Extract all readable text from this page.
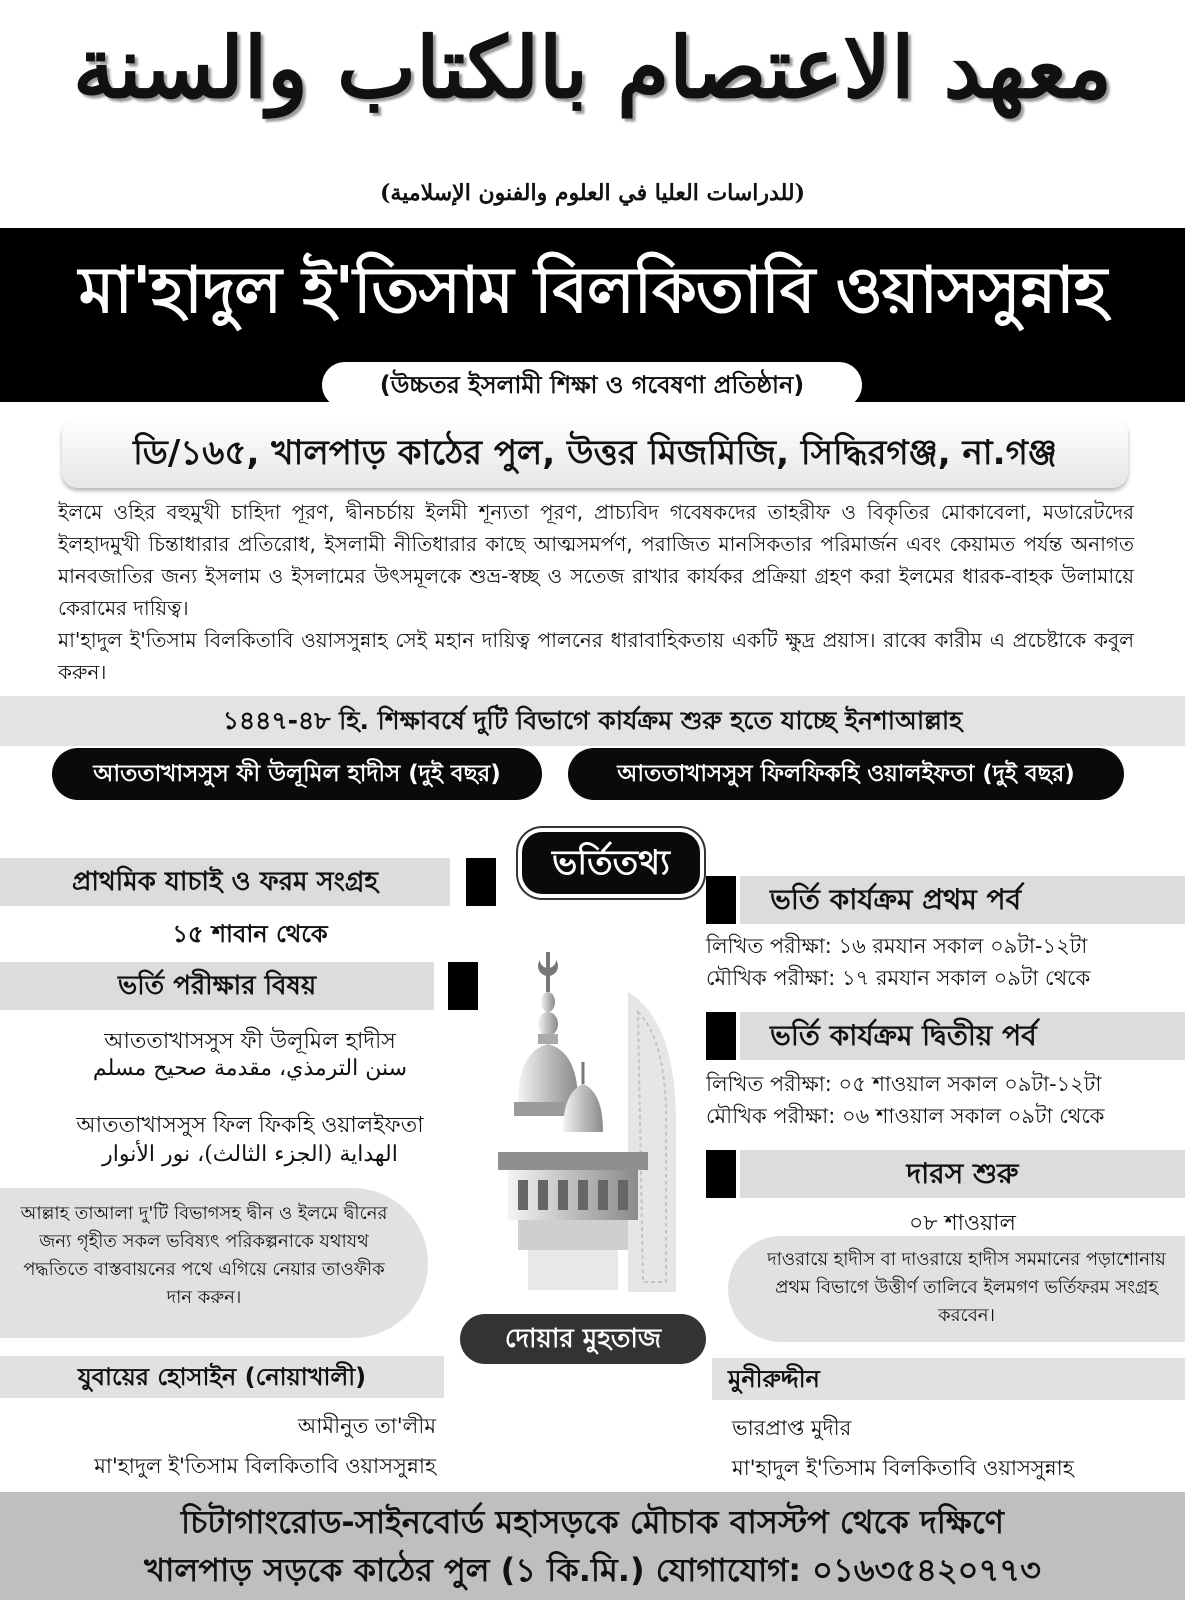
معهد الاعتصام بالكتاب والسنة
(للدراسات العليا في العلوم والفنون الإسلامية)
মা'হাদুল ই'তিসাম বিলকিতাবি ওয়াসসুন্নাহ
(উচ্চতর ইসলামী শিক্ষা ও গবেষণা প্রতিষ্ঠান)
ডি/১৬৫, খালপাড় কাঠের পুল, উত্তর মিজমিজি, সিদ্ধিরগঞ্জ, না.গঞ্জ

ইলমে ওহির বহুমুখী চাহিদা পূরণ, দ্বীনচর্চায় ইলমী শূন্যতা পূরণ, প্রাচ্যবিদ গবেষকদের তাহরীফ ও বিকৃতির মোকাবেলা, মডারেটদের ইলহাদমুখী চিন্তাধারার প্রতিরোধ, ইসলামী নীতিধারার কাছে আত্মসমর্পণ, পরাজিত মানসিকতার পরিমার্জন এবং কেয়ামত পর্যন্ত অনাগত মানবজাতির জন্য ইসলাম ও ইসলামের উৎসমূলকে শুভ্র-স্বচ্ছ ও সতেজ রাখার কার্যকর প্রক্রিয়া গ্রহণ করা ইলমের ধারক-বাহক উলামায়ে কেরামের দায়িত্ব।

মা'হাদুল ই'তিসাম বিলকিতাবি ওয়াসসুন্নাহ সেই মহান দায়িত্ব পালনের ধারাবাহিকতায় একটি ক্ষুদ্র প্রয়াস। রাব্বে কারীম এ প্রচেষ্টাকে কবুল করুন।

১৪৪৭-৪৮ হি. শিক্ষাবর্ষে দুটি বিভাগে কার্যক্রম শুরু হতে যাচ্ছে ইনশাআল্লাহ
আততাখাসসুস ফী উলূমিল হাদীস (দুই বছর)	আততাখাসসুস ফিলফিকহি ওয়ালইফতা (দুই বছর)
ভর্তিতথ্য
প্রাথমিক যাচাই ও ফরম সংগ্রহ
১৫ শাবান থেকে
ভর্তি পরীক্ষার বিষয়
আততাখাসসুস ফী উলূমিল হাদীস
سنن الترمذي، مقدمة صحيح مسلم
আততাখাসসুস ফিল ফিকহি ওয়ালইফতা
الهداية (الجزء الثالث)، نور الأنوار
আল্লাহ তাআলা দু'টি বিভাগসহ দ্বীন ও ইলমে দ্বীনের জন্য গৃহীত সকল ভবিষ্যৎ পরিকল্পনাকে যথাযথ পদ্ধতিতে বাস্তবায়নের পথে এগিয়ে নেয়ার তাওফীক দান করুন।
যুবায়ের হোসাইন (নোয়াখালী)
আমীনুত তা'লীম
মা'হাদুল ই'তিসাম বিলকিতাবি ওয়াসসুন্নাহ
দোয়ার মুহতাজ
ভর্তি কার্যক্রম প্রথম পর্ব
লিখিত পরীক্ষা: ১৬ রমযান সকাল ০৯টা-১২টা
মৌখিক পরীক্ষা: ১৭ রমযান সকাল ০৯টা থেকে
ভর্তি কার্যক্রম দ্বিতীয় পর্ব
লিখিত পরীক্ষা: ০৫ শাওয়াল সকাল ০৯টা-১২টা
মৌখিক পরীক্ষা: ০৬ শাওয়াল সকাল ০৯টা থেকে
দারস শুরু
০৮ শাওয়াল
দাওরায়ে হাদীস বা দাওরায়ে হাদীস সমমানের পড়াশোনায় প্রথম বিভাগে উত্তীর্ণ তালিবে ইলমগণ ভর্তিফরম সংগ্রহ করবেন।
মুনীরুদ্দীন
ভারপ্রাপ্ত মুদীর
মা'হাদুল ই'তিসাম বিলকিতাবি ওয়াসসুন্নাহ
চিটাগাংরোড-সাইনবোর্ড মহাসড়কে মৌচাক বাসস্টপ থেকে দক্ষিণে
খালপাড় সড়কে কাঠের পুল (১ কি.মি.) যোগাযোগ: ০১৬৩৫৪২০৭৭৩
